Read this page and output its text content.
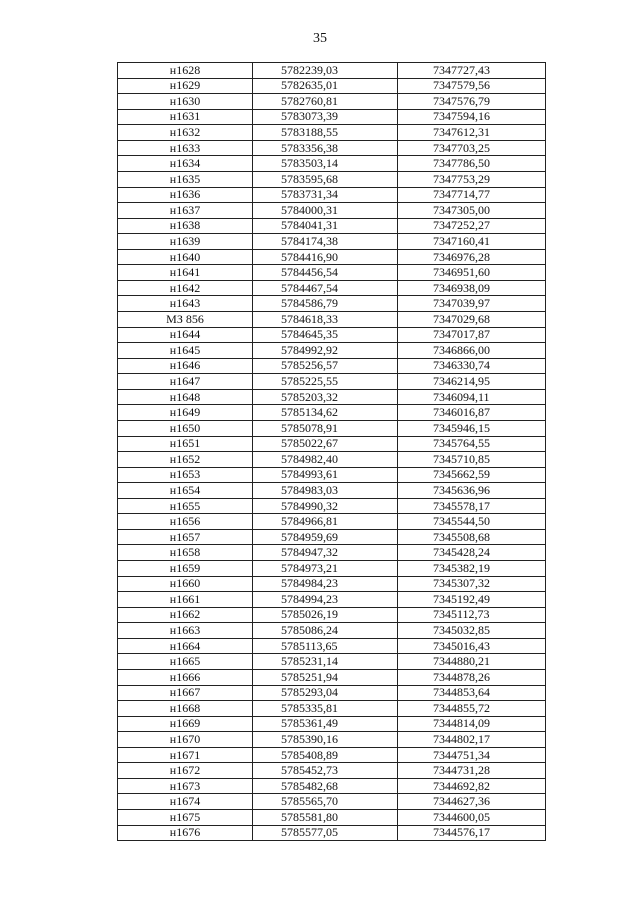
35
н1628	5782239,03	7347727,43
н1629	5782635,01	7347579,56
н1630	5782760,81	7347576,79
н1631	5783073,39	7347594,16
н1632	5783188,55	7347612,31
н1633	5783356,38	7347703,25
н1634	5783503,14	7347786,50
н1635	5783595,68	7347753,29
н1636	5783731,34	7347714,77
н1637	5784000,31	7347305,00
н1638	5784041,31	7347252,27
н1639	5784174,38	7347160,41
н1640	5784416,90	7346976,28
н1641	5784456,54	7346951,60
н1642	5784467,54	7346938,09
н1643	5784586,79	7347039,97
МЗ 856	5784618,33	7347029,68
н1644	5784645,35	7347017,87
н1645	5784992,92	7346866,00
н1646	5785256,57	7346330,74
н1647	5785225,55	7346214,95
н1648	5785203,32	7346094,11
н1649	5785134,62	7346016,87
н1650	5785078,91	7345946,15
н1651	5785022,67	7345764,55
н1652	5784982,40	7345710,85
н1653	5784993,61	7345662,59
н1654	5784983,03	7345636,96
н1655	5784990,32	7345578,17
н1656	5784966,81	7345544,50
н1657	5784959,69	7345508,68
н1658	5784947,32	7345428,24
н1659	5784973,21	7345382,19
н1660	5784984,23	7345307,32
н1661	5784994,23	7345192,49
н1662	5785026,19	7345112,73
н1663	5785086,24	7345032,85
н1664	5785113,65	7345016,43
н1665	5785231,14	7344880,21
н1666	5785251,94	7344878,26
н1667	5785293,04	7344853,64
н1668	5785335,81	7344855,72
н1669	5785361,49	7344814,09
н1670	5785390,16	7344802,17
н1671	5785408,89	7344751,34
н1672	5785452,73	7344731,28
н1673	5785482,68	7344692,82
н1674	5785565,70	7344627,36
н1675	5785581,80	7344600,05
н1676	5785577,05	7344576,17
